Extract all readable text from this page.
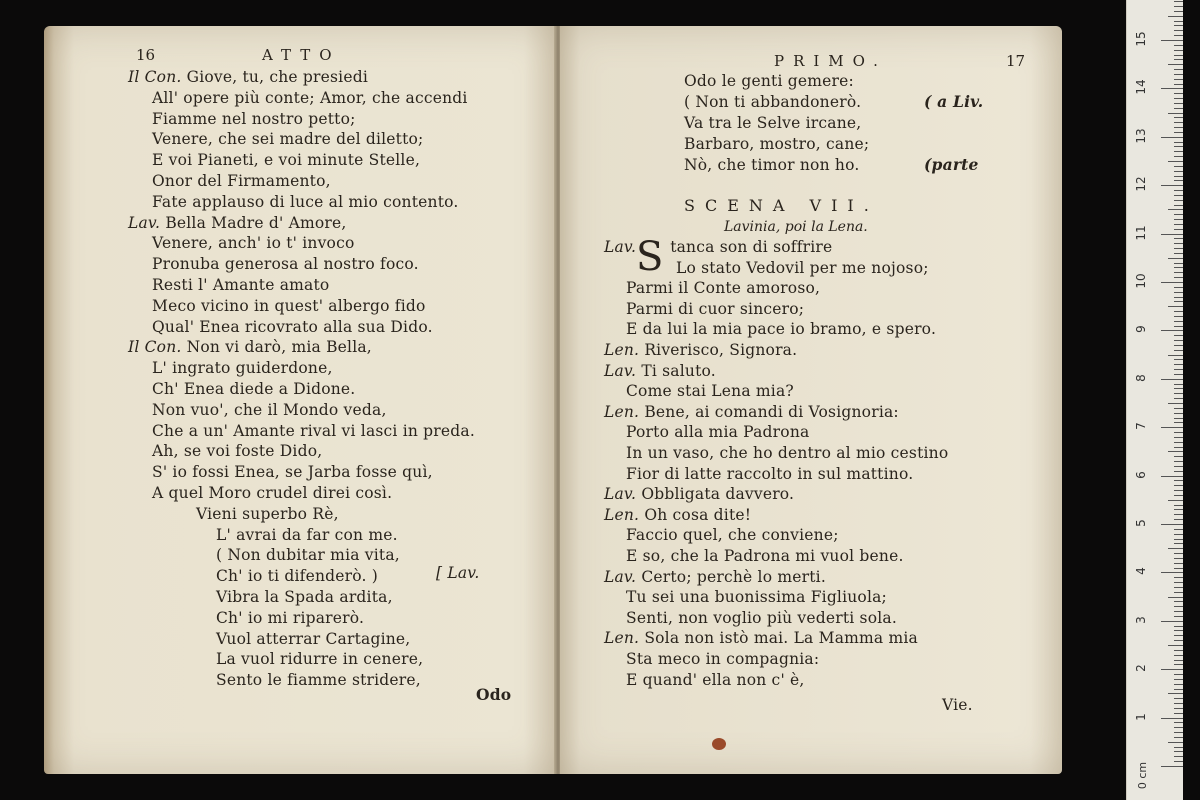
16	ATTO
Il Con. Giove, tu, che presiedi
All' opere più conte; Amor, che accendi
Fiamme nel nostro petto;
Venere, che sei madre del diletto;
E voi Pianeti, e voi minute Stelle,
Onor del Firmamento,
Fate applauso di luce al mio contento.
Lav. Bella Madre d' Amore,
Venere, anch' io t' invoco
Pronuba generosa al nostro foco.
Resti l' Amante amato
Meco vicino in quest' albergo fido
Qual' Enea ricovrato alla sua Dido.
Il Con. Non vi darò, mia Bella,
L' ingrato guiderdone,
Ch' Enea diede a Didone.
Non vuo', che il Mondo veda,
Che a un' Amante rival vi lasci in preda.
Ah, se voi foste Dido,
S' io fossi Enea, se Jarba fosse quì,
A quel Moro crudel direi così.
Vieni superbo Rè,
L' avrai da far con me.
( Non dubitar mia vita,
Ch' io ti difenderò. )
Vibra la Spada ardita,
Ch' io mi riparerò.
Vuol atterrar Cartagine,
La vuol ridurre in cenere,
Sento le fiamme stridere,
[ Lav.
Odo
PRIMO.	17
Odo le genti gemere:
( Non ti abbandonerò.	( a Liv.
Va tra le Selve ircane,
Barbaro, mostro, cane;
Nò, che timor non ho.	(parte
SCENA VII.
Lavinia, poi la Lena.
S
Lav. tanca son di soffrire
Lo stato Vedovil per me nojoso;
Parmi il Conte amoroso,
Parmi di cuor sincero;
E da lui la mia pace io bramo, e spero.
Len. Riverisco, Signora.
Lav. Ti saluto.
Come stai Lena mia?
Len. Bene, ai comandi di Vosignoria:
Porto alla mia Padrona
In un vaso, che ho dentro al mio cestino
Fior di latte raccolto in sul mattino.
Lav. Obbligata davvero.
Len. Oh cosa dite!
Faccio quel, che conviene;
E so, che la Padrona mi vuol bene.
Lav. Certo; perchè lo merti.
Tu sei una buonissima Figliuola;
Senti, non voglio più vederti sola.
Len. Sola non istò mai. La Mamma mia
Sta meco in compagnia:
E quand' ella non c' è,
Vie.
0 cm
1
2
3
4
5
6
7
8
9
10
11
12
13
14
15
